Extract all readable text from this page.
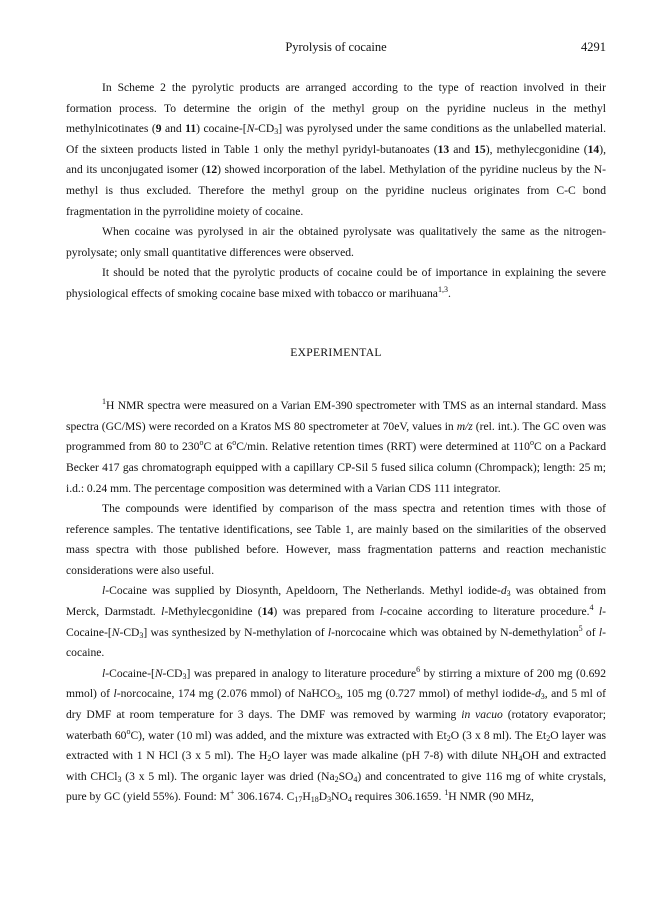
Pyrolysis of cocaine	4291

In Scheme 2 the pyrolytic products are arranged according to the type of reaction involved in their formation process. To determine the origin of the methyl group on the pyridine nucleus in the methyl methylnicotinates (9 and 11) cocaine-$[N-CD_3]$ was pyrolysed under the same conditions as the unlabelled material. Of the sixteen products listed in Table 1 only the methyl pyridyl-butanoates (13 and 15), methylecgonidine (14), and its unconjugated isomer (12) showed incorporation of the label. Methylation of the pyridine nucleus by the N-methyl is thus excluded. Therefore the methyl group on the pyridine nucleus originates from C-C bond fragmentation in the pyrrolidine moiety of cocaine.

When cocaine was pyrolysed in air the obtained pyrolysate was qualitatively the same as the nitrogen-pyrolysate; only small quantitative differences were observed.

It should be noted that the pyrolytic products of cocaine could be of importance in explaining the severe physiological effects of smoking cocaine base mixed with tobacco or marihuana$^{1,3}$.

EXPERIMENTAL

$^1$H NMR spectra were measured on a Varian EM-390 spectrometer with TMS as an internal standard. Mass spectra (GC/MS) were recorded on a Kratos MS 80 spectrometer at 70eV, values in m/z (rel. int.). The GC oven was programmed from 80 to 230$^o$C at 6$^o$C/min. Relative retention times (RRT) were determined at 110$^o$C on a Packard Becker 417 gas chromatograph equipped with a capillary CP-Sil 5 fused silica column (Chrompack); length: 25 m; i.d.: 0.24 mm. The percentage composition was determined with a Varian CDS 111 integrator.

The compounds were identified by comparison of the mass spectra and retention times with those of reference samples. The tentative identifications, see Table 1, are mainly based on the similarities of the observed mass spectra with those published before. However, mass fragmentation patterns and reaction mechanistic considerations were also useful.

l-Cocaine was supplied by Diosynth, Apeldoorn, The Netherlands. Methyl iodide-$d_3$ was obtained from Merck, Darmstadt. l-Methylecgonidine (14) was prepared from l-cocaine according to literature procedure.$^4$ $l-Cocaine-[N-CD_3]$ was synthesized by N-methylation of l-norcocaine which was obtained by N-demethylation$^5$ of l-cocaine.

$l-Cocaine-[N-CD_3]$ was prepared in analogy to literature procedure$^6$ by stirring a mixture of 200 mg (0.692 mmol) of l-norcocaine, 174 mg (2.076 mmol) of NaHCO$_3$, 105 mg (0.727 mmol) of methyl iodide-$d_3$, and 5 ml of dry DMF at room temperature for 3 days. The DMF was removed by warming in vacuo (rotatory evaporator; waterbath 60$^o$C), water (10 ml) was added, and the mixture was extracted with $Et_2O$ (3 x 8 ml). The $Et_2O$ layer was extracted with 1 N HCl (3 x 5 ml). The $H_2O$ layer was made alkaline (pH 7-8) with dilute $NH_4OH$ and extracted with CHCl$_3$ (3 x 5 ml). The organic layer was dried $(Na_2SO_4)$ and concentrated to give 116 mg of white crystals, pure by GC (yield 55%). Found: M+ 306.1674. $C_{17}H_{18}D_3NO_4$ requires 306.1659. $^1$H NMR (90 MHz,
